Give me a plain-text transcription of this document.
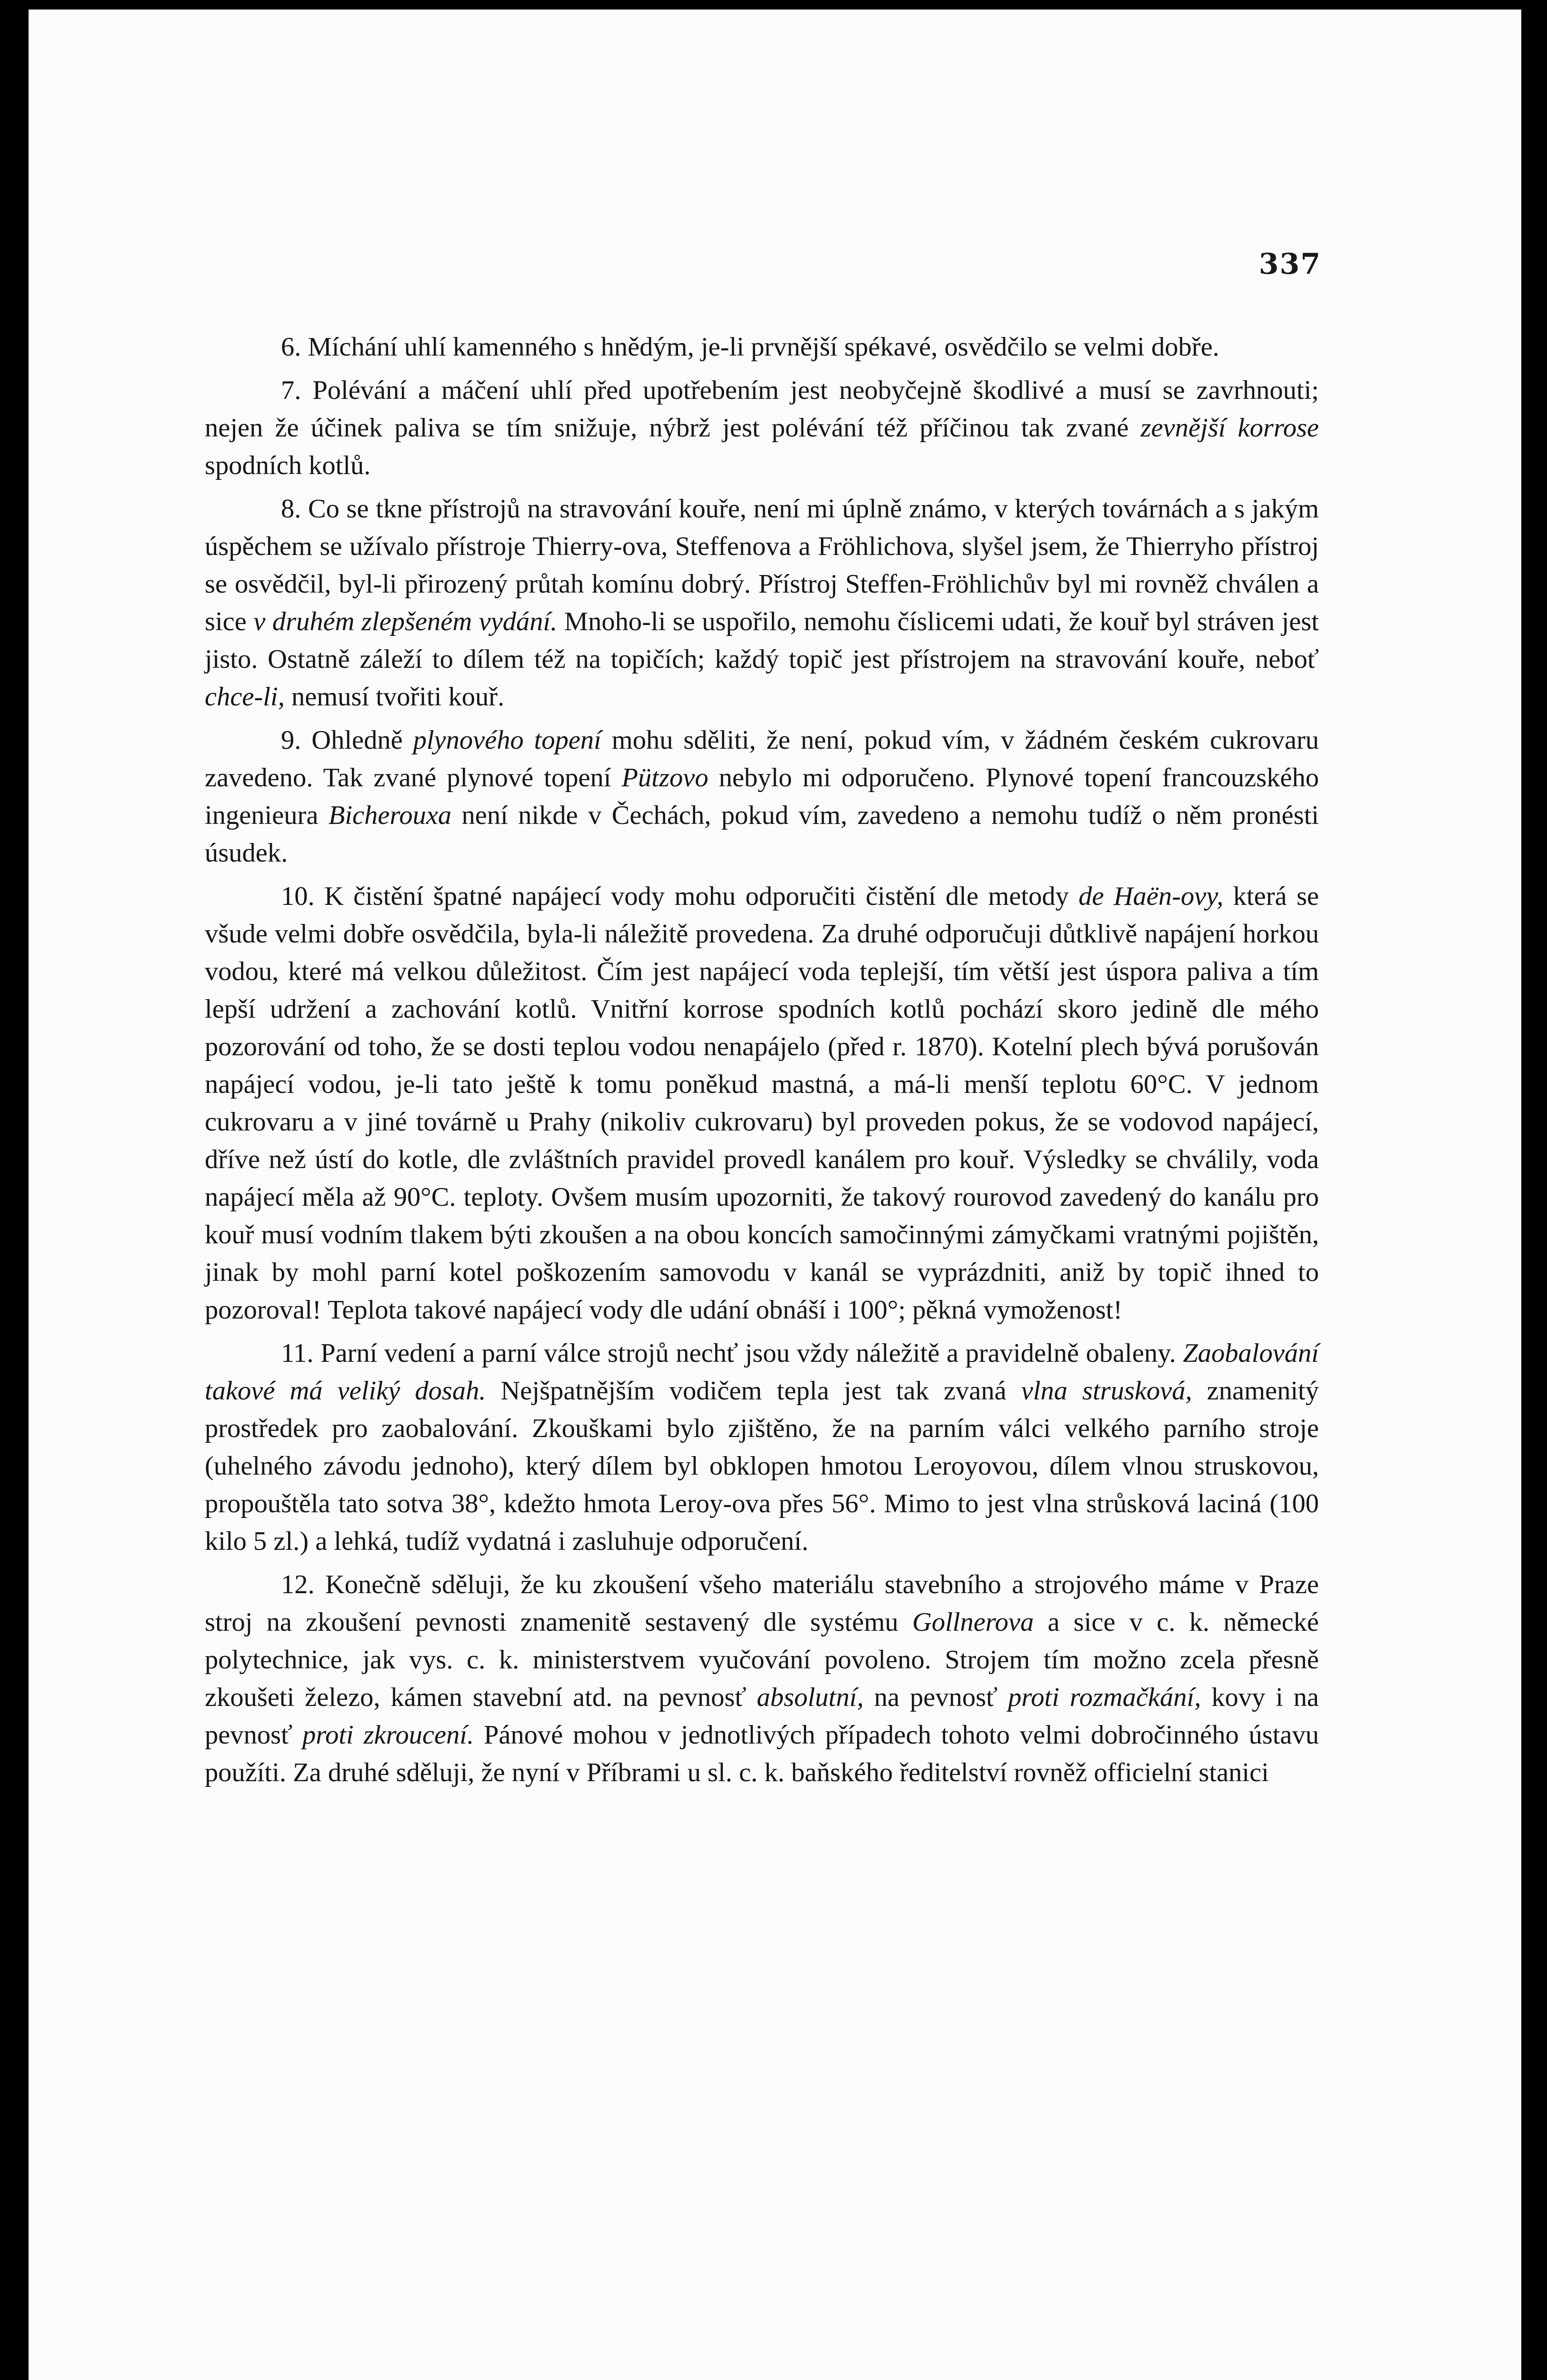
337

6. Míchání uhlí kamenného s hnědým, je-li prvnější spékavé, osvědčilo se velmi dobře.

7. Polévání a máčení uhlí před upotřebením jest neobyčejně škodlivé a musí se zavrhnouti; nejen že účinek paliva se tím snižuje, nýbrž jest polévání též příčinou tak zvané zevnější korrose spodních kotlů.

8. Co se tkne přístrojů na stravování kouře, není mi úplně známo, v kterých továrnách a s jakým úspěchem se užívalo přístroje Thierry-ova, Steffenova a Fröhlichova, slyšel jsem, že Thierryho přístroj se osvědčil, byl-li přirozený průtah komínu dobrý. Přístroj Steffen-Fröhlichův byl mi rovněž chválen a sice v druhém zlepšeném vydání. Mnoho-li se uspořilo, nemohu číslicemi udati, že kouř byl stráven jest jisto. Ostatně záleží to dílem též na topičích; každý topič jest přístrojem na stravování kouře, neboť chce-li, nemusí tvořiti kouř.

9. Ohledně plynového topení mohu sděliti, že není, pokud vím, v žádném českém cukrovaru zavedeno. Tak zvané plynové topení Pützovo nebylo mi odporučeno. Plynové topení francouzského ingenieura Bicherouxa není nikde v Čechách, pokud vím, zavedeno a nemohu tudíž o něm pronésti úsudek.

10. K čistění špatné napájecí vody mohu odporučiti čistění dle metody de Haën-ovy, která se všude velmi dobře osvědčila, byla-li náležitě provedena. Za druhé odporučuji důtklivě napájení horkou vodou, které má velkou důležitost. Čím jest napájecí voda teplejší, tím větší jest úspora paliva a tím lepší udržení a zachování kotlů. Vnitřní korrose spodních kotlů pochází skoro jedině dle mého pozorování od toho, že se dosti teplou vodou nenapájelo (před r. 1870). Kotelní plech bývá porušován napájecí vodou, je-li tato ještě k tomu poněkud mastná, a má-li menší teplotu 60°C. V jednom cukrovaru a v jiné továrně u Prahy (nikoliv cukrovaru) byl proveden pokus, že se vodovod napájecí, dříve než ústí do kotle, dle zvláštních pravidel provedl kanálem pro kouř. Výsledky se chválily, voda napájecí měla až 90°C. teploty. Ovšem musím upozorniti, že takový rourovod zavedený do kanálu pro kouř musí vodním tlakem býti zkoušen a na obou koncích samočinnými zámyčkami vratnými pojištěn, jinak by mohl parní kotel poškozením samovodu v kanál se vyprázdniti, aniž by topič ihned to pozoroval! Teplota takové napájecí vody dle udání obnáší i 100°; pěkná vymoženost!

11. Parní vedení a parní válce strojů nechť jsou vždy náležitě a pravidelně obaleny. Zaobalování takové má veliký dosah. Nejšpatnějším vodičem tepla jest tak zvaná vlna strusková, znamenitý prostředek pro zaobalování. Zkouškami bylo zjištěno, že na parním válci velkého parního stroje (uhelného závodu jednoho), který dílem byl obklopen hmotou Leroyovou, dílem vlnou struskovou, propouštěla tato sotva 38°, kdežto hmota Leroy-ova přes 56°. Mimo to jest vlna strůsková laciná (100 kilo 5 zl.) a lehká, tudíž vydatná i zasluhuje odporučení.

12. Konečně sděluji, že ku zkoušení všeho materiálu stavebního a strojového máme v Praze stroj na zkoušení pevnosti znamenitě sestavený dle systému Gollnerova a sice v c. k. německé polytechnice, jak vys. c. k. ministerstvem vyučování povoleno. Strojem tím možno zcela přesně zkoušeti železo, kámen stavební atd. na pevnosť absolutní, na pevnosť proti rozmačkání, kovy i na pevnosť proti zkroucení. Pánové mohou v jednotlivých případech tohoto velmi dobročinného ústavu použíti. Za druhé sděluji, že nyní v Příbrami u sl. c. k. baňského ředitelství rovněž officielní stanici
